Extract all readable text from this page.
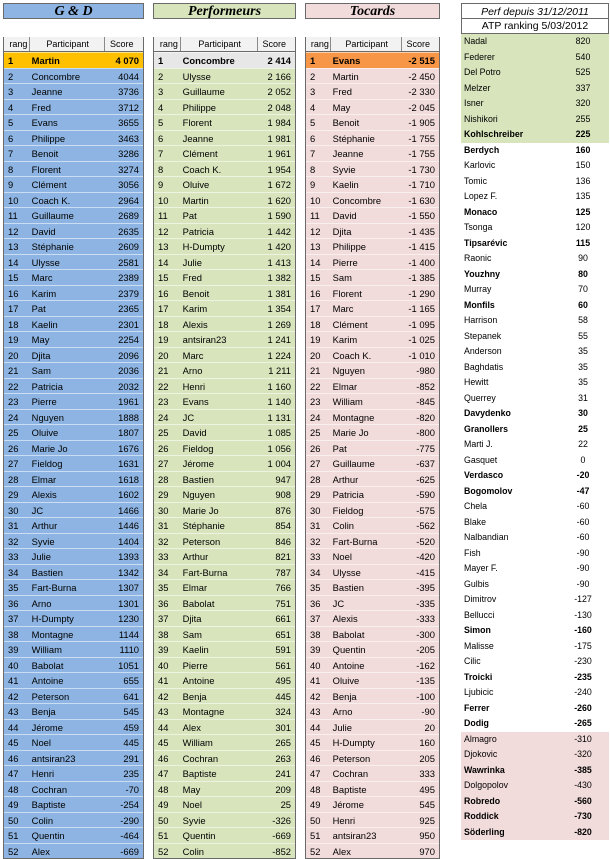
G & D
rang	Participant	Score
1	Martin	4 070
2	Concombre	4044
3	Jeanne	3736
4	Fred	3712
5	Evans	3655
6	Philippe	3463
7	Benoit	3286
8	Florent	3274
9	Clément	3056
10	Coach K.	2964
11	Guillaume	2689
12	David	2635
13	Stéphanie	2609
14	Ulysse	2581
15	Marc	2389
16	Karim	2379
17	Pat	2365
18	Kaelin	2301
19	May	2254
20	Djita	2096
21	Sam	2036
22	Patricia	2032
23	Pierre	1961
24	Nguyen	1888
25	Oluive	1807
26	Marie Jo	1676
27	Fieldog	1631
28	Elmar	1618
29	Alexis	1602
30	JC	1466
31	Arthur	1446
32	Syvie	1404
33	Julie	1393
34	Bastien	1342
35	Fart-Burna	1307
36	Arno	1301
37	H-Dumpty	1230
38	Montagne	1144
39	William	1110
40	Babolat	1051
41	Antoine	655
42	Peterson	641
43	Benja	545
44	Jérome	459
45	Noel	445
46	antsiran23	291
47	Henri	235
48	Cochran	-70
49	Baptiste	-254
50	Colin	-290
51	Quentin	-464
52	Alex	-669
Performeurs
rang	Participant	Score
1	Concombre	2 414
2	Ulysse	2 166
3	Guillaume	2 052
4	Philippe	2 048
5	Florent	1 984
6	Jeanne	1 981
7	Clément	1 961
8	Coach K.	1 954
9	Oluive	1 672
10	Martin	1 620
11	Pat	1 590
12	Patricia	1 442
13	H-Dumpty	1 420
14	Julie	1 413
15	Fred	1 382
16	Benoit	1 381
17	Karim	1 354
18	Alexis	1 269
19	antsiran23	1 241
20	Marc	1 224
21	Arno	1 211
22	Henri	1 160
23	Evans	1 140
24	JC	1 131
25	David	1 085
26	Fieldog	1 056
27	Jérome	1 004
28	Bastien	947
29	Nguyen	908
30	Marie Jo	876
31	Stéphanie	854
32	Peterson	846
33	Arthur	821
34	Fart-Burna	787
35	Elmar	766
36	Babolat	751
37	Djita	661
38	Sam	651
39	Kaelin	591
40	Pierre	561
41	Antoine	495
42	Benja	445
43	Montagne	324
44	Alex	301
45	William	265
46	Cochran	263
47	Baptiste	241
48	May	209
49	Noel	25
50	Syvie	-326
51	Quentin	-669
52	Colin	-852
Tocards
rang	Participant	Score
1	Evans	-2 515
2	Martin	-2 450
3	Fred	-2 330
4	May	-2 045
5	Benoit	-1 905
6	Stéphanie	-1 755
7	Jeanne	-1 755
8	Syvie	-1 730
9	Kaelin	-1 710
10	Concombre	-1 630
11	David	-1 550
12	Djita	-1 435
13	Philippe	-1 415
14	Pierre	-1 400
15	Sam	-1 385
16	Florent	-1 290
17	Marc	-1 165
18	Clément	-1 095
19	Karim	-1 025
20	Coach K.	-1 010
21	Nguyen	-980
22	Elmar	-852
23	William	-845
24	Montagne	-820
25	Marie Jo	-800
26	Pat	-775
27	Guillaume	-637
28	Arthur	-625
29	Patricia	-590
30	Fieldog	-575
31	Colin	-562
32	Fart-Burna	-520
33	Noel	-420
34	Ulysse	-415
35	Bastien	-395
36	JC	-335
37	Alexis	-333
38	Babolat	-300
39	Quentin	-205
40	Antoine	-162
41	Oluive	-135
42	Benja	-100
43	Arno	-90
44	Julie	20
45	H-Dumpty	160
46	Peterson	205
47	Cochran	333
48	Baptiste	495
49	Jérome	545
50	Henri	925
51	antsiran23	950
52	Alex	970
Perf depuis 31/12/2011
ATP ranking 5/03/2012
Nadal	820
Federer	540
Del Potro	525
Melzer	337
Isner	320
Nishikori	255
Kohlschreiber	225
Berdych	160
Karlovic	150
Tomic	136
Lopez F.	135
Monaco	125
Tsonga	120
Tipsarévic	115
Raonic	90
Youzhny	80
Murray	70
Monfils	60
Harrison	58
Stepanek	55
Anderson	35
Baghdatis	35
Hewitt	35
Querrey	31
Davydenko	30
Granollers	25
Marti J.	22
Gasquet	0
Verdasco	-20
Bogomolov	-47
Chela	-60
Blake	-60
Nalbandian	-60
Fish	-90
Mayer F.	-90
Gulbis	-90
Dimitrov	-127
Bellucci	-130
Simon	-160
Malisse	-175
Cilic	-230
Troicki	-235
Ljubicic	-240
Ferrer	-260
Dodig	-265
Almagro	-310
Djokovic	-320
Wawrinka	-385
Dolgopolov	-430
Robredo	-560
Roddick	-730
Söderling	-820
